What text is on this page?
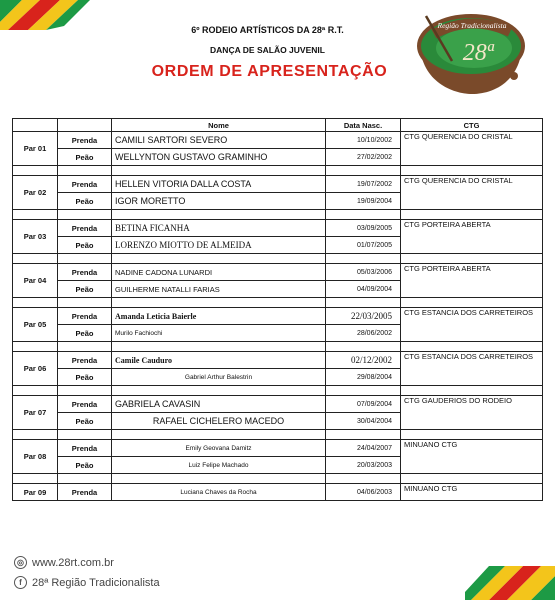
6º RODEIO ARTÍSTICOS DA 28ª R.T.
DANÇA DE SALÃO JUVENIL
ORDEM DE APRESENTAÇÃO
Região Tradicionalista
28ª
		Nome	Data Nasc.	CTG
Par 01	Prenda	CAMILI SARTORI SEVERO	10/10/2002	CTG QUERENCIA DO CRISTAL
	Peão	WELLYNTON GUSTAVO GRAMINHO	27/02/2002	

Par 02	Prenda	HELLEN VITORIA DALLA COSTA	19/07/2002	CTG QUERENCIA DO CRISTAL
	Peão	IGOR MORETTO	19/09/2004	

Par 03	Prenda	BETINA FICANHA	03/09/2005	CTG PORTEIRA ABERTA
	Peão	LORENZO MIOTTO DE ALMEIDA	01/07/2005	

Par 04	Prenda	NADINE CADONA LUNARDI	05/03/2006	CTG PORTEIRA ABERTA
	Peão	GUILHERME NATALLI FARIAS	04/09/2004	

Par 05	Prenda	Amanda Leticia Baierle	22/03/2005	CTG ESTANCIA DOS CARRETEIROS
	Peão	Murilo Fachiochi	28/06/2002	

Par 06	Prenda	Camile Cauduro	02/12/2002	CTG ESTANCIA DOS CARRETEIROS
	Peão	Gabriel Arthur Balestrin	29/08/2004	

Par 07	Prenda	GABRIELA CAVASIN	07/09/2004	CTG GAUDERIOS DO RODEIO
	Peão	RAFAEL CICHELERO MACEDO	30/04/2004	

Par 08	Prenda	Emily Geovana Damitz	24/04/2007	MINUANO CTG
	Peão	Luiz Felipe Machado	20/03/2003	

Par 09	Prenda	Luciana Chaves da Rocha	04/06/2003	MINUANO CTG
◎ www.28rt.com.br
f 28ª Região Tradicionalista
